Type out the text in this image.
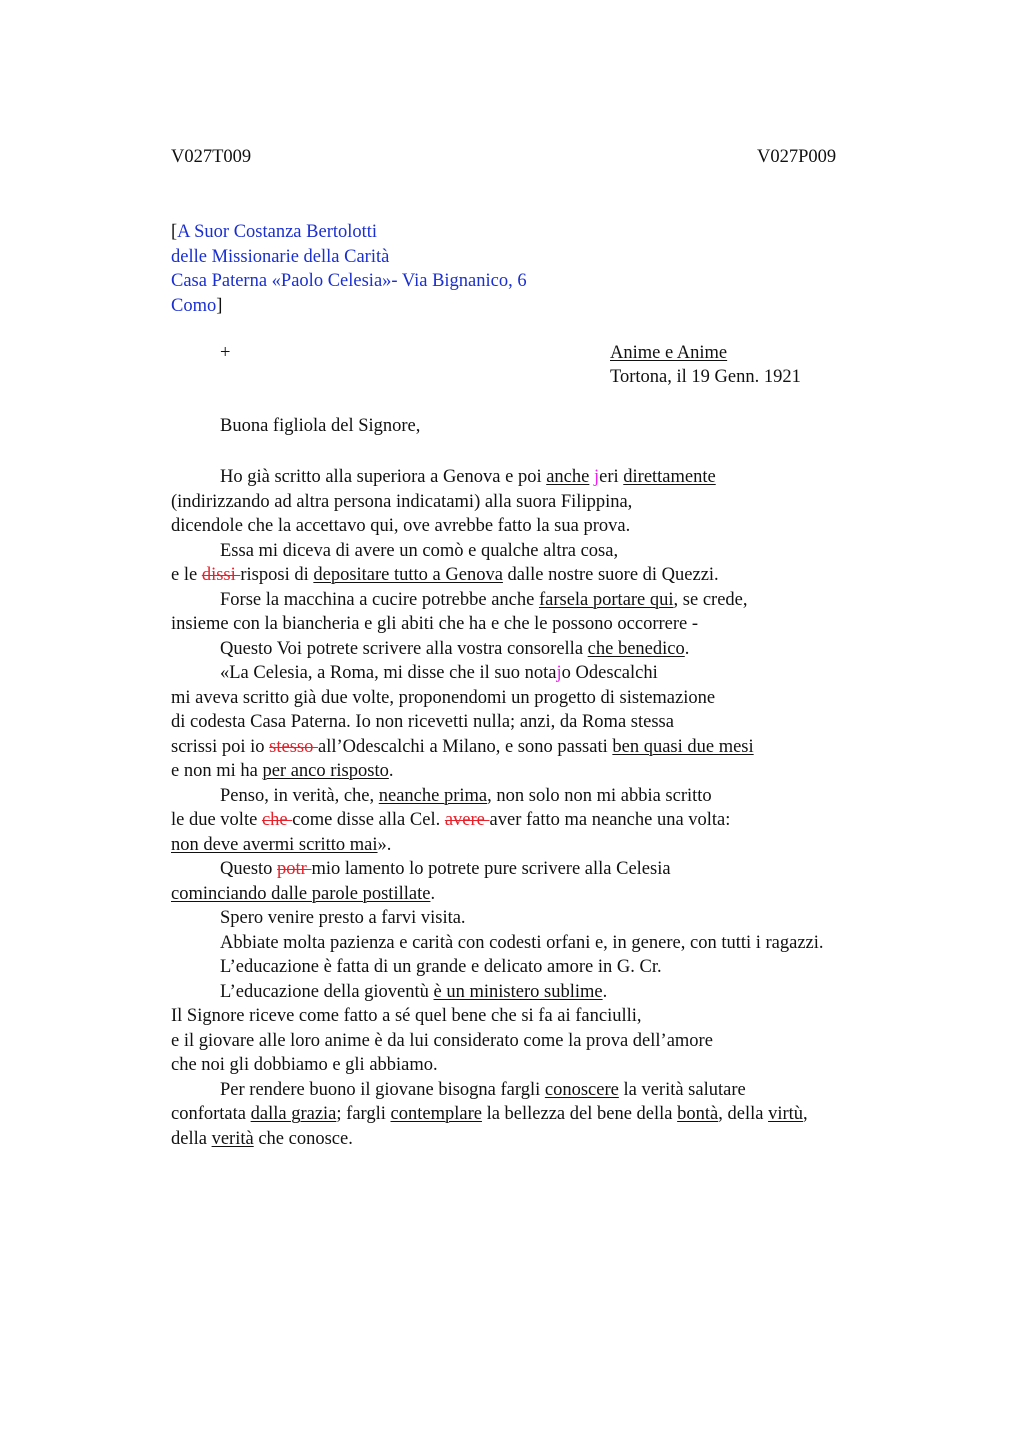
V027T009	V027P009
[A Suor Costanza Bertolotti
delle Missionarie della Carità
Casa Paterna «Paolo Celesia»- Via Bignanico, 6
Como]
+	Anime e Anime
Tortona, il 19 Genn. 1921
Buona figliola del Signore,
Ho già scritto alla superiora a Genova e poi anche jeri direttamente
(indirizzando ad altra persona indicatami) alla suora Filippina,
dicendole che la accettavo qui, ove avrebbe fatto la sua prova.
Essa mi diceva di avere un comò e qualche altra cosa,
e le dissi risposi di depositare tutto a Genova dalle nostre suore di Quezzi.
Forse la macchina a cucire potrebbe anche farsela portare qui, se crede,
insieme con la biancheria e gli abiti che ha e che le possono occorrere -
Questo Voi potrete scrivere alla vostra consorella che benedico.
«La Celesia, a Roma, mi disse che il suo notajo Odescalchi
mi aveva scritto già due volte, proponendomi un progetto di sistemazione
di codesta Casa Paterna. Io non ricevetti nulla; anzi, da Roma stessa
scrissi poi io stesso all’Odescalchi a Milano, e sono passati ben quasi due mesi
e non mi ha per anco risposto.
Penso, in verità, che, neanche prima, non solo non mi abbia scritto
le due volte che come disse alla Cel. avere aver fatto ma neanche una volta:
non deve avermi scritto mai».
Questo potr mio lamento lo potrete pure scrivere alla Celesia
cominciando dalle parole postillate.
Spero venire presto a farvi visita.
Abbiate molta pazienza e carità con codesti orfani e, in genere, con tutti i ragazzi.
L’educazione è fatta di un grande e delicato amore in G. Cr.
L’educazione della gioventù è un ministero sublime.
Il Signore riceve come fatto a sé quel bene che si fa ai fanciulli,
e il giovare alle loro anime è da lui considerato come la prova dell’amore
che noi gli dobbiamo e gli abbiamo.
Per rendere buono il giovane bisogna fargli conoscere la verità salutare
confortata dalla grazia; fargli contemplare la bellezza del bene della bontà, della virtù,
della verità che conosce.
